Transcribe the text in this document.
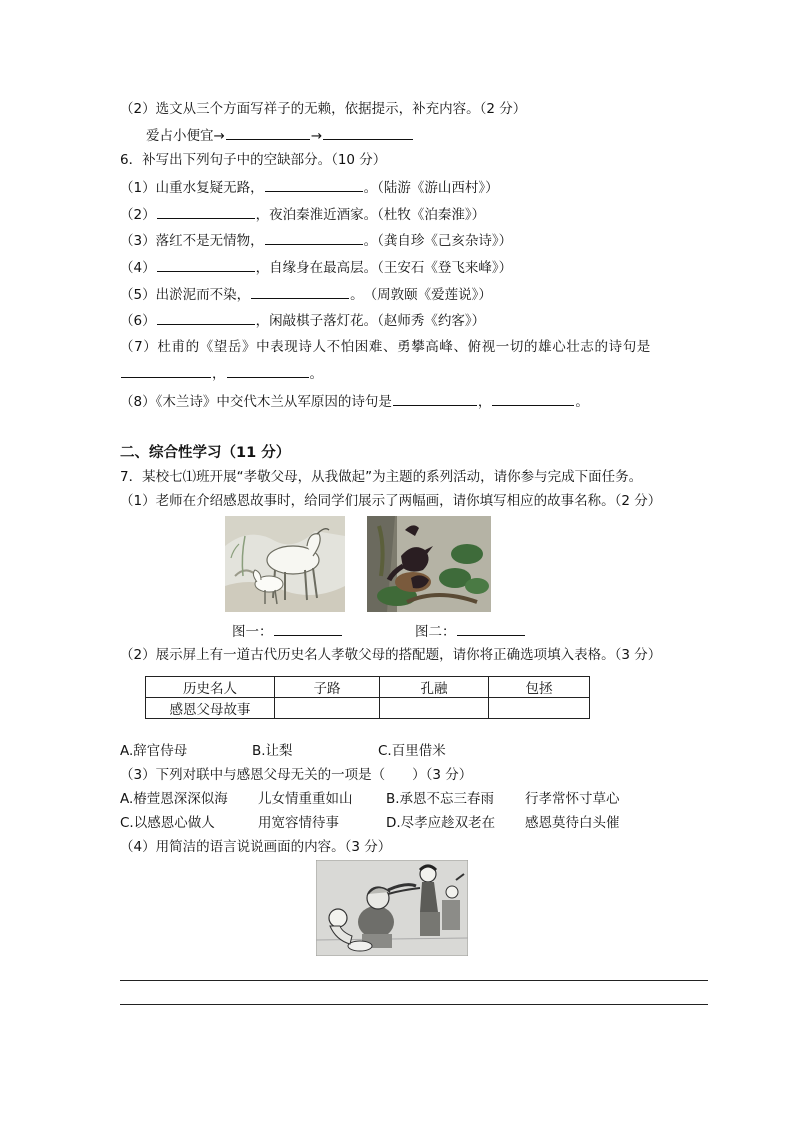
（2）选文从三个方面写祥子的无赖，依据提示，补充内容。（2 分）
爱占小便宜→	→
6．补写出下列句子中的空缺部分。（10 分）
（1）山重水复疑无路，	。（陆游《游山西村》）
（2）	，夜泊秦淮近酒家。（杜牧《泊秦淮》）
（3）落红不是无情物，	。（龚自珍《己亥杂诗》）
（4）	，自缘身在最高层。（王安石《登飞来峰》）
（5）出淤泥而不染，	。　（周敦颐《爱莲说》）
（6）	，闲敲棋子落灯花。（赵师秀《约客》）
（7）杜甫的《望岳》中表现诗人不怕困难、勇攀高峰、俯视一切的雄心壮志的诗句是
，	。
（8）《木兰诗》中交代木兰从军原因的诗句是	，	。
二、综合性学习（11 分）
7．某校七⑴班开展“孝敬父母，从我做起”为主题的系列活动，请你参与完成下面任务。
（1）老师在介绍感恩故事时，给同学们展示了两幅画，请你填写相应的故事名称。（2 分）
图一：	图二：
（2）展示屏上有一道古代历史名人孝敬父母的搭配题，请你将正确选项填入表格。（3 分）
历史名人	子路	孔融	包拯
感恩父母故事			
A.辞官侍母	B.让梨	C.百里借米
（3）下列对联中与感恩父母无关的一项是（　　）（3 分）
A.椿萱恩深深似海 儿女情重重如山 B.承恩不忘三春雨 行孝常怀寸草心
C.以感恩心做人	用宽容情待事	D.尽孝应趁双老在 感恩莫待白头催
（4）用简洁的语言说说画面的内容。（3 分）
